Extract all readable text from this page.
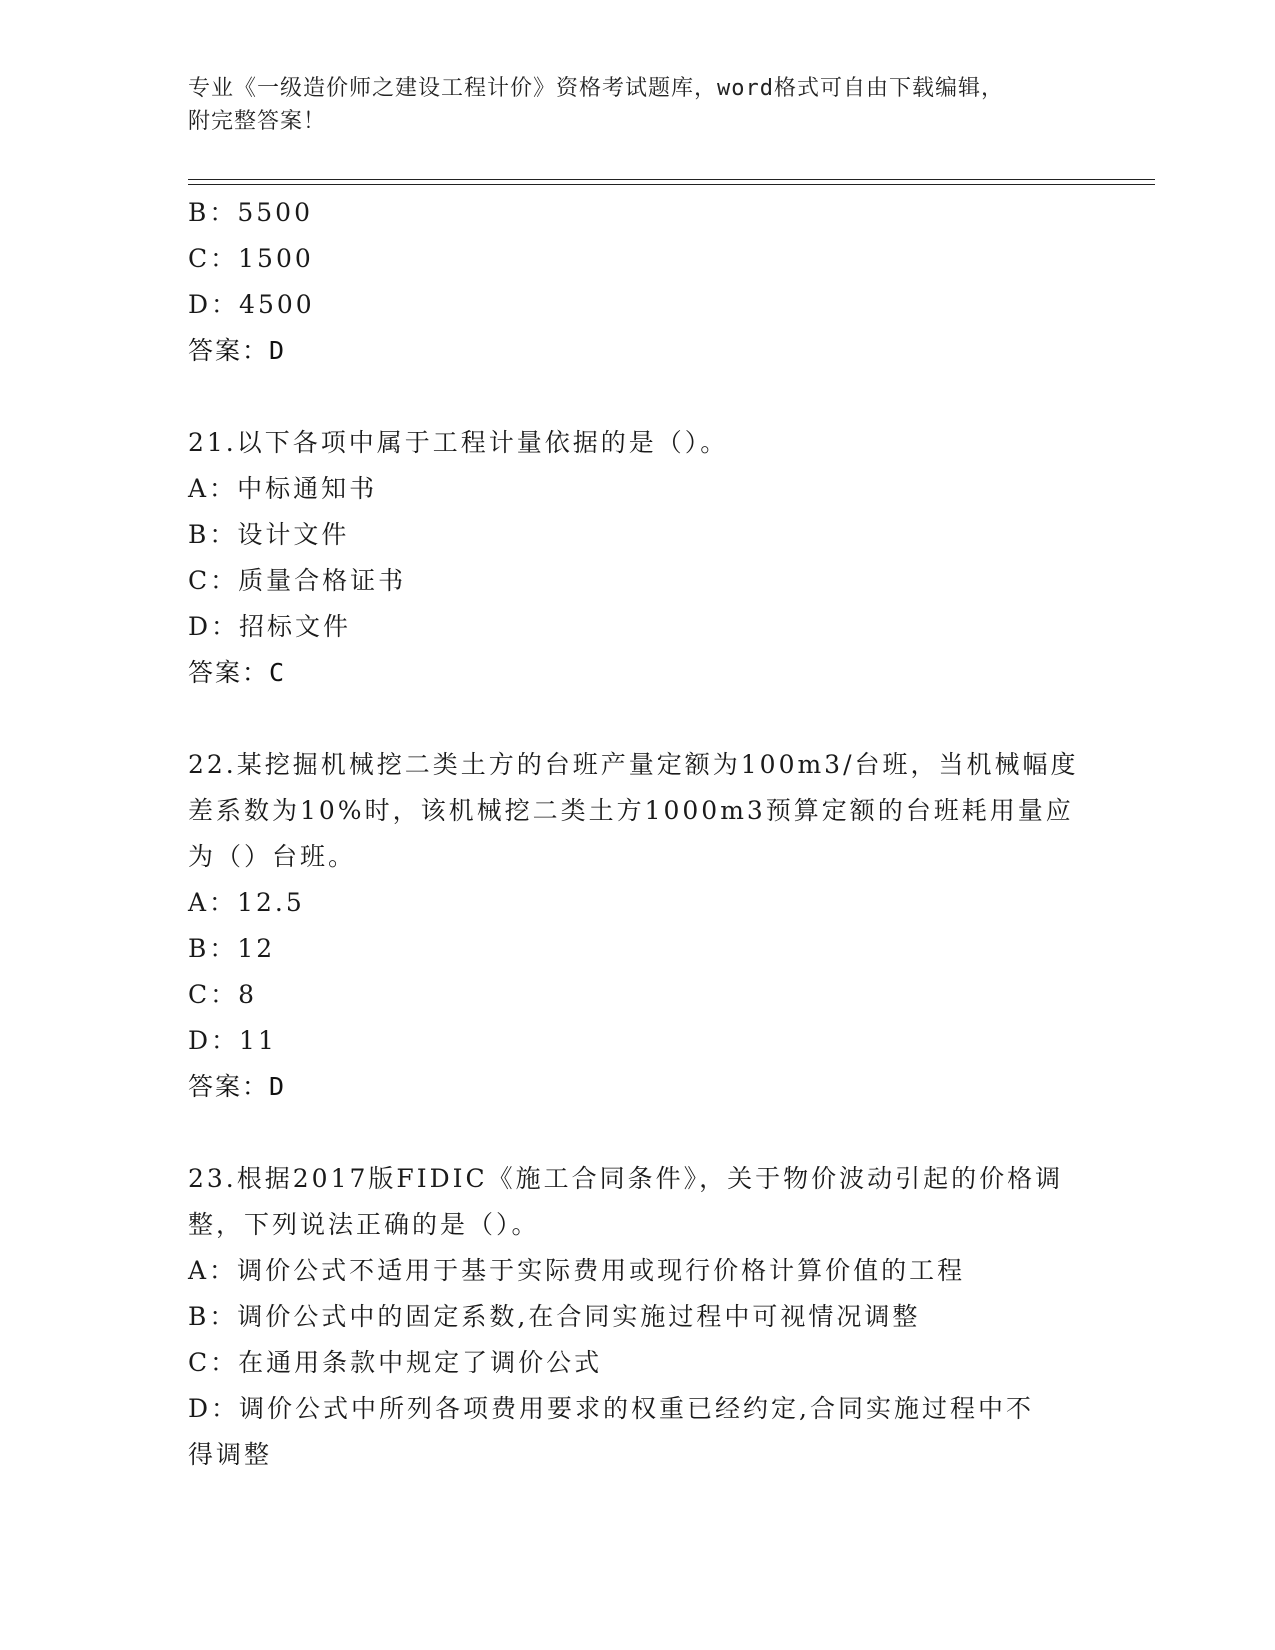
专业《一级造价师之建设工程计价》资格考试题库，word格式可自由下载编辑，
附完整答案！
B：5500
C：1500
D：4500
答案：D
21.以下各项中属于工程计量依据的是（）。
A：中标通知书
B：设计文件
C：质量合格证书
D：招标文件
答案：C
22.某挖掘机械挖二类土方的台班产量定额为100m3/台班，当机械幅度
差系数为10%时，该机械挖二类土方1000m3预算定额的台班耗用量应
为（）台班。
A：12.5
B：12
C：8
D：11
答案：D
23.根据2017版FIDIC《施工合同条件》，关于物价波动引起的价格调
整，下列说法正确的是（）。
A：调价公式不适用于基于实际费用或现行价格计算价值的工程
B：调价公式中的固定系数,在合同实施过程中可视情况调整
C：在通用条款中规定了调价公式
D：调价公式中所列各项费用要求的权重已经约定,合同实施过程中不
得调整
